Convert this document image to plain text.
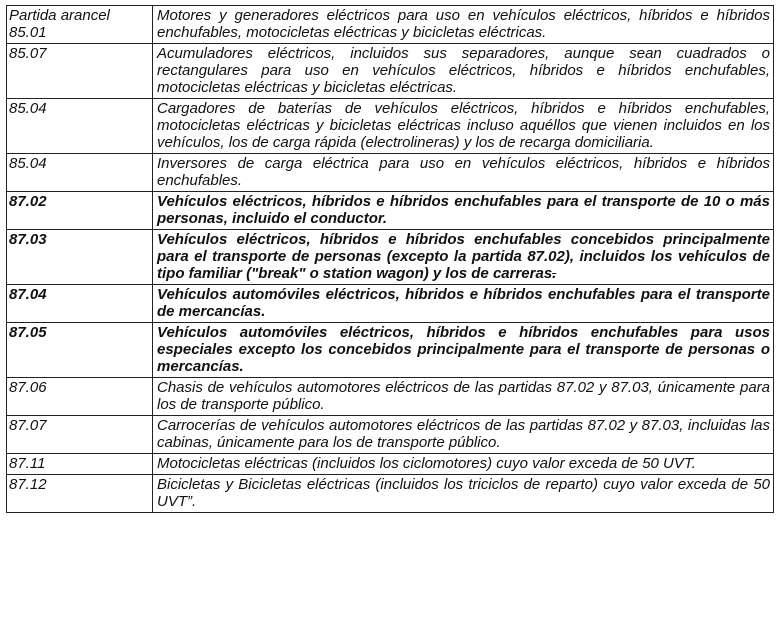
Partida arancel 85.01	Motores y generadores eléctricos para uso en vehículos eléctricos, híbridos e híbridos enchufables, motocicletas eléctricas y bicicletas eléctricas.
85.07	Acumuladores eléctricos, incluidos sus separadores, aunque sean cuadrados o rectangulares para uso en vehículos eléctricos, híbridos e híbridos enchufables, motocicletas eléctricas y bicicletas eléctricas.
85.04	Cargadores de baterías de vehículos eléctricos, híbridos e híbridos enchufables, motocicletas eléctricas y bicicletas eléctricas incluso aquéllos que vienen incluidos en los vehículos, los de carga rápida (electrolineras) y los de recarga domiciliaria.
85.04	Inversores de carga eléctrica para uso en vehículos eléctricos, híbridos e híbridos enchufables.
87.02	Vehículos eléctricos, híbridos e híbridos enchufables para el transporte de 10 o más personas, incluido el conductor.
87.03	Vehículos eléctricos, híbridos e híbridos enchufables concebidos principalmente para el transporte de personas (excepto la partida 87.02), incluidos los vehículos de tipo familiar ("break" o station wagon) y los de carreras.
87.04	Vehículos automóviles eléctricos, híbridos e híbridos enchufables para el transporte de mercancías.
87.05	Vehículos automóviles eléctricos, híbridos e híbridos enchufables para usos especiales excepto los concebidos principalmente para el transporte de personas o mercancías.
87.06	Chasis de vehículos automotores eléctricos de las partidas 87.02 y 87.03, únicamente para los de transporte público.
87.07	Carrocerías de vehículos automotores eléctricos de las partidas 87.02 y 87.03, incluidas las cabinas, únicamente para los de transporte público.
87.11	Motocicletas eléctricas (incluidos los ciclomotores) cuyo valor exceda de 50 UVT.
87.12	Bicicletas y Bicicletas eléctricas (incluidos los triciclos de reparto) cuyo valor exceda de 50 UVT”.
